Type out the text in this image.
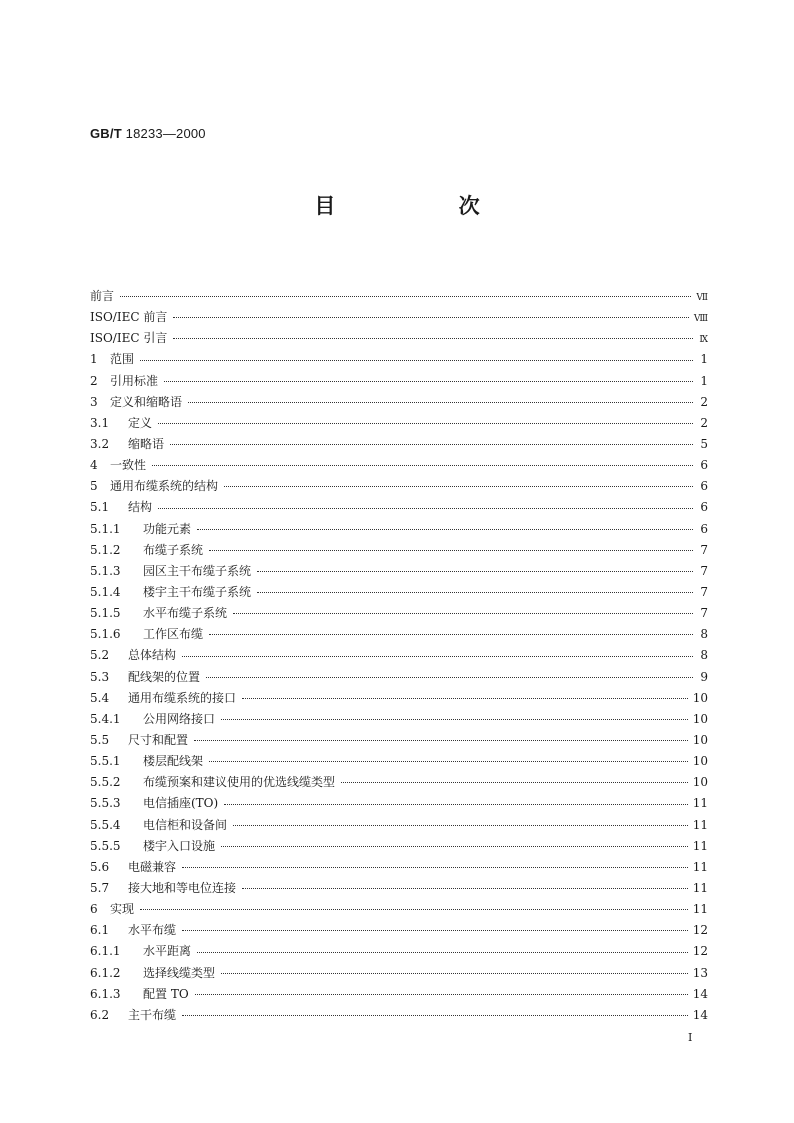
GB/T 18233—2000
目 次
前言	Ⅶ
ISO/IEC 前言	Ⅷ
ISO/IEC 引言	Ⅸ
1 范围	1
2 引用标准	1
3 定义和缩略语	2
3.1 定义	2
3.2 缩略语	5
4 一致性	6
5 通用布缆系统的结构	6
5.1 结构	6
5.1.1 功能元素	6
5.1.2 布缆子系统	7
5.1.3 园区主干布缆子系统	7
5.1.4 楼宇主干布缆子系统	7
5.1.5 水平布缆子系统	7
5.1.6 工作区布缆	8
5.2 总体结构	8
5.3 配线架的位置	9
5.4 通用布缆系统的接口	10
5.4.1 公用网络接口	10
5.5 尺寸和配置	10
5.5.1 楼层配线架	10
5.5.2 布缆预案和建议使用的优选线缆类型	10
5.5.3 电信插座(TO)	11
5.5.4 电信柜和设备间	11
5.5.5 楼宇入口设施	11
5.6 电磁兼容	11
5.7 接大地和等电位连接	11
6 实现	11
6.1 水平布缆	12
6.1.1 水平距离	12
6.1.2 选择线缆类型	13
6.1.3 配置 TO	14
6.2 主干布缆	14
I
